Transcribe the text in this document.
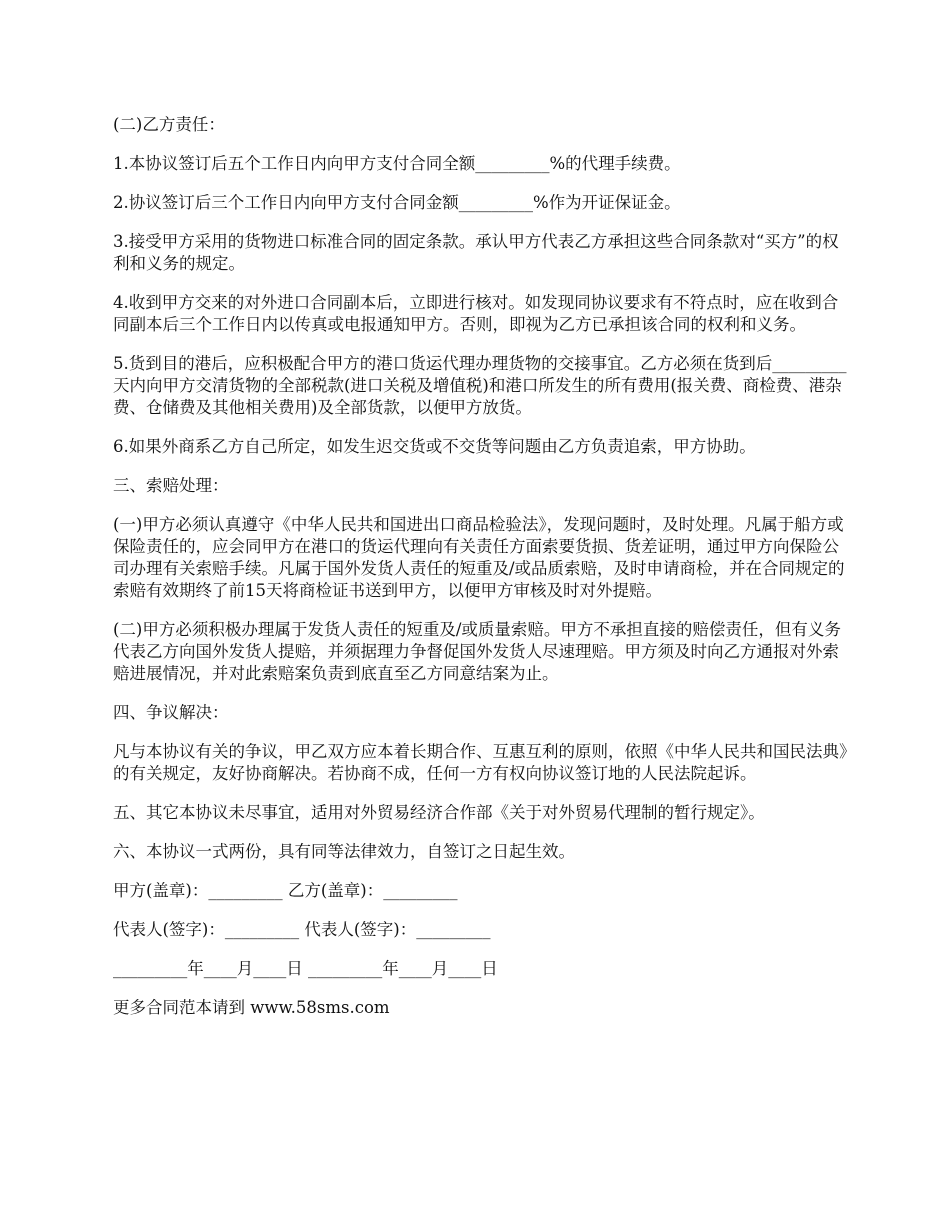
(二)乙方责任：

1.本协议签订后五个工作日内向甲方支付合同全额_________%的代理手续费。

2.协议签订后三个工作日内向甲方支付合同金额_________%作为开证保证金。

3.接受甲方采用的货物进口标准合同的固定条款。承认甲方代表乙方承担这些合同条款对“买方”的权利和义务的规定。

4.收到甲方交来的对外进口合同副本后，立即进行核对。如发现同协议要求有不符点时，应在收到合同副本后三个工作日内以传真或电报通知甲方。否则，即视为乙方已承担该合同的权利和义务。

5.货到目的港后，应积极配合甲方的港口货运代理办理货物的交接事宜。乙方必须在货到后_________天内向甲方交清货物的全部税款(进口关税及增值税)和港口所发生的所有费用(报关费、商检费、港杂费、仓储费及其他相关费用)及全部货款，以便甲方放货。

6.如果外商系乙方自己所定，如发生迟交货或不交货等问题由乙方负责追索，甲方协助。

三、索赔处理：

(一)甲方必须认真遵守《中华人民共和国进出口商品检验法》，发现问题时，及时处理。凡属于船方或保险责任的，应会同甲方在港口的货运代理向有关责任方面索要货损、货差证明，通过甲方向保险公司办理有关索赔手续。凡属于国外发货人责任的短重及/或品质索赔，及时申请商检，并在合同规定的索赔有效期终了前15天将商检证书送到甲方，以便甲方审核及时对外提赔。

(二)甲方必须积极办理属于发货人责任的短重及/或质量索赔。甲方不承担直接的赔偿责任，但有义务代表乙方向国外发货人提赔，并须据理力争督促国外发货人尽速理赔。甲方须及时向乙方通报对外索赔进展情况，并对此索赔案负责到底直至乙方同意结案为止。

四、争议解决：

凡与本协议有关的争议，甲乙双方应本着长期合作、互惠互利的原则，依照《中华人民共和国民法典》的有关规定，友好协商解决。若协商不成，任何一方有权向协议签订地的人民法院起诉。

五、其它本协议未尽事宜，适用对外贸易经济合作部《关于对外贸易代理制的暂行规定》。

六、本协议一式两份，具有同等法律效力，自签订之日起生效。

甲方(盖章)：_________ 乙方(盖章)：_________

代表人(签字)：_________ 代表人(签字)：_________

_________年____月____日 _________年____月____日

更多合同范本请到 www.58sms.com
